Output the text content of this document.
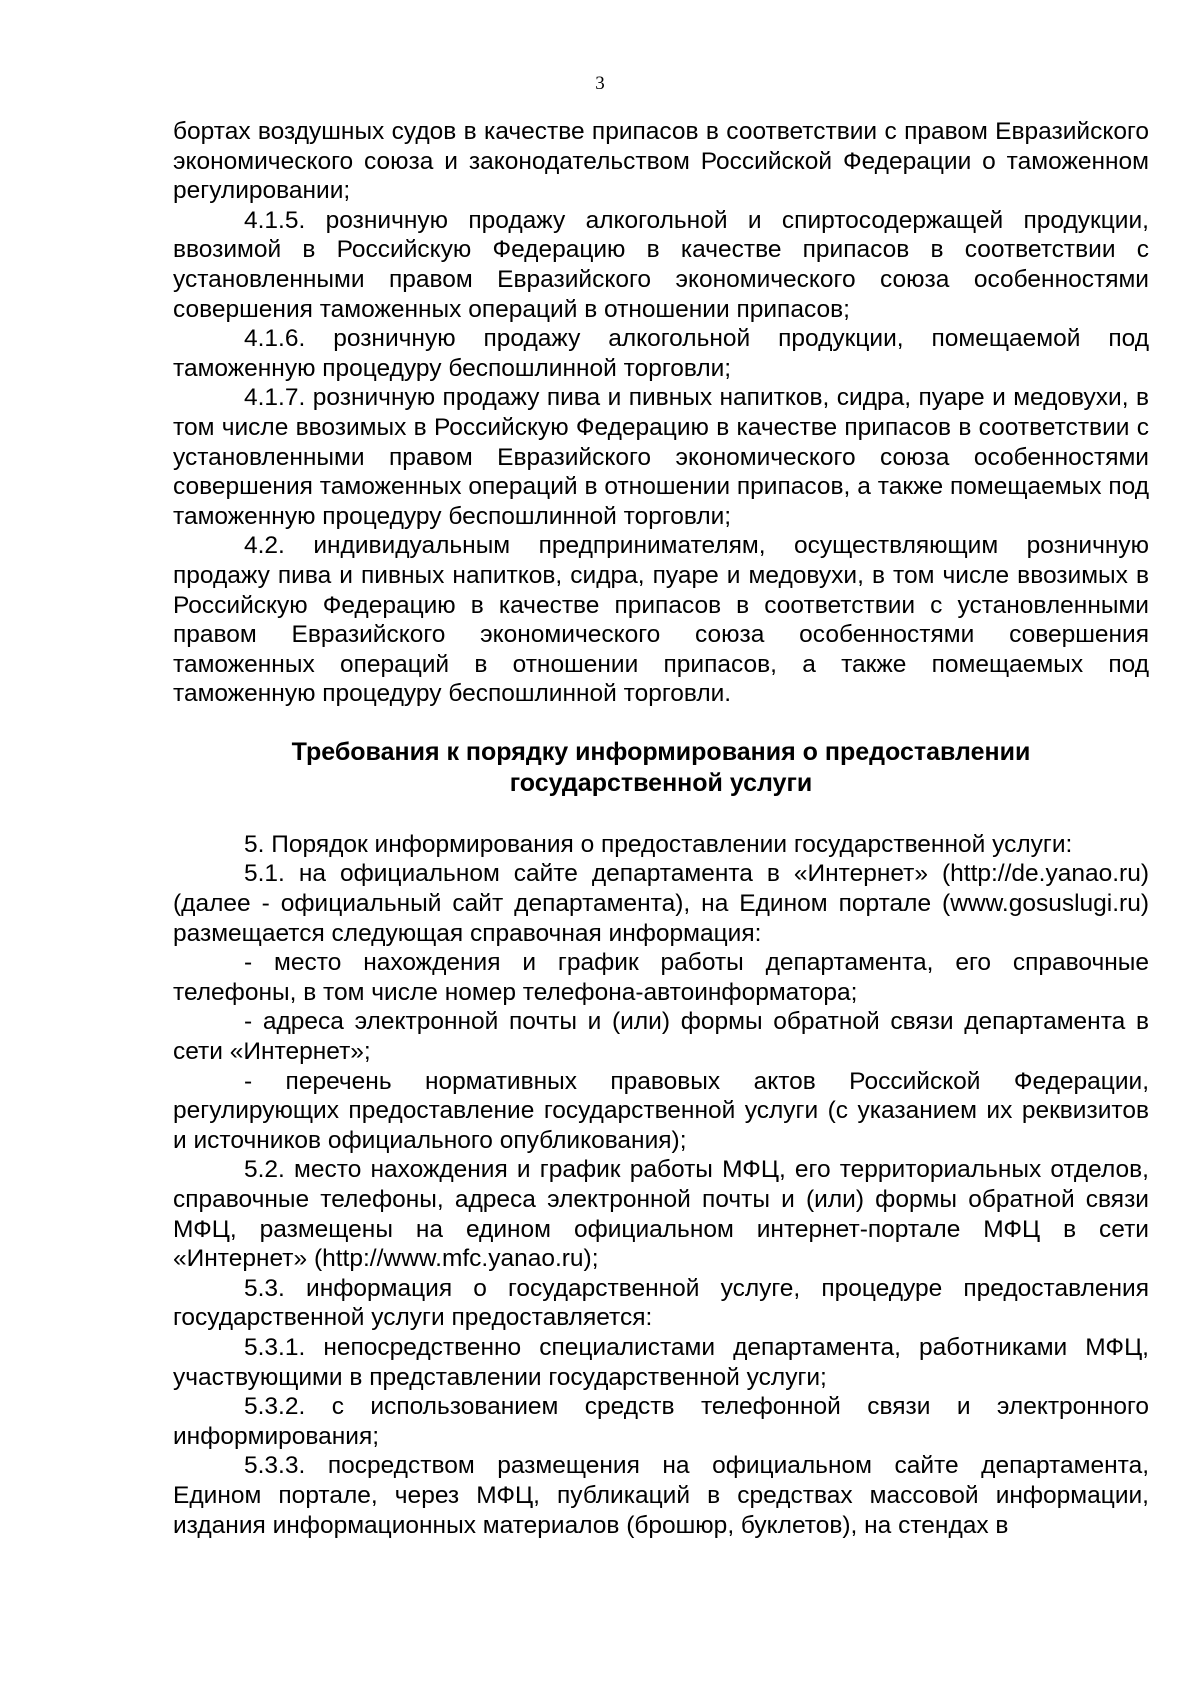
3

бортах воздушных судов в качестве припасов в соответствии с правом Евразийского экономического союза и законодательством Российской Федерации о таможенном регулировании;

4.1.5. розничную продажу алкогольной и спиртосодержащей продукции, ввозимой в Российскую Федерацию в качестве припасов в соответствии с установленными правом Евразийского экономического союза особенностями совершения таможенных операций в отношении припасов;

4.1.6. розничную продажу алкогольной продукции, помещаемой под таможенную процедуру беспошлинной торговли;

4.1.7. розничную продажу пива и пивных напитков, сидра, пуаре и медовухи, в том числе ввозимых в Российскую Федерацию в качестве припасов в соответствии с установленными правом Евразийского экономического союза особенностями совершения таможенных операций в отношении припасов, а также помещаемых под таможенную процедуру беспошлинной торговли;

4.2. индивидуальным предпринимателям, осуществляющим розничную продажу пива и пивных напитков, сидра, пуаре и медовухи, в том числе ввозимых в Российскую Федерацию в качестве припасов в соответствии с установленными правом Евразийского экономического союза особенностями совершения таможенных операций в отношении припасов, а также помещаемых под таможенную процедуру беспошлинной торговли.

Требования к порядку информирования о предоставлении государственной услуги

5. Порядок информирования о предоставлении государственной услуги:

5.1. на официальном сайте департамента в «Интернет» (http://de.yanao.ru) (далее - официальный сайт департамента), на Едином портале (www.gosuslugi.ru) размещается следующая справочная информация:

- место нахождения и график работы департамента, его справочные телефоны, в том числе номер телефона-автоинформатора;

- адреса электронной почты и (или) формы обратной связи департамента в сети «Интернет»;

- перечень нормативных правовых актов Российской Федерации, регулирующих предоставление государственной услуги (с указанием их реквизитов и источников официального опубликования);

5.2. место нахождения и график работы МФЦ, его территориальных отделов, справочные телефоны, адреса электронной почты и (или) формы обратной связи МФЦ, размещены на едином официальном интернет-портале МФЦ в сети «Интернет» (http://www.mfc.yanao.ru);

5.3. информация о государственной услуге, процедуре предоставления государственной услуги предоставляется:

5.3.1. непосредственно специалистами департамента, работниками МФЦ, участвующими в представлении государственной услуги;

5.3.2. с использованием средств телефонной связи и электронного информирования;

5.3.3. посредством размещения на официальном сайте департамента, Едином портале, через МФЦ, публикаций в средствах массовой информации, издания информационных материалов (брошюр, буклетов), на стендах в
